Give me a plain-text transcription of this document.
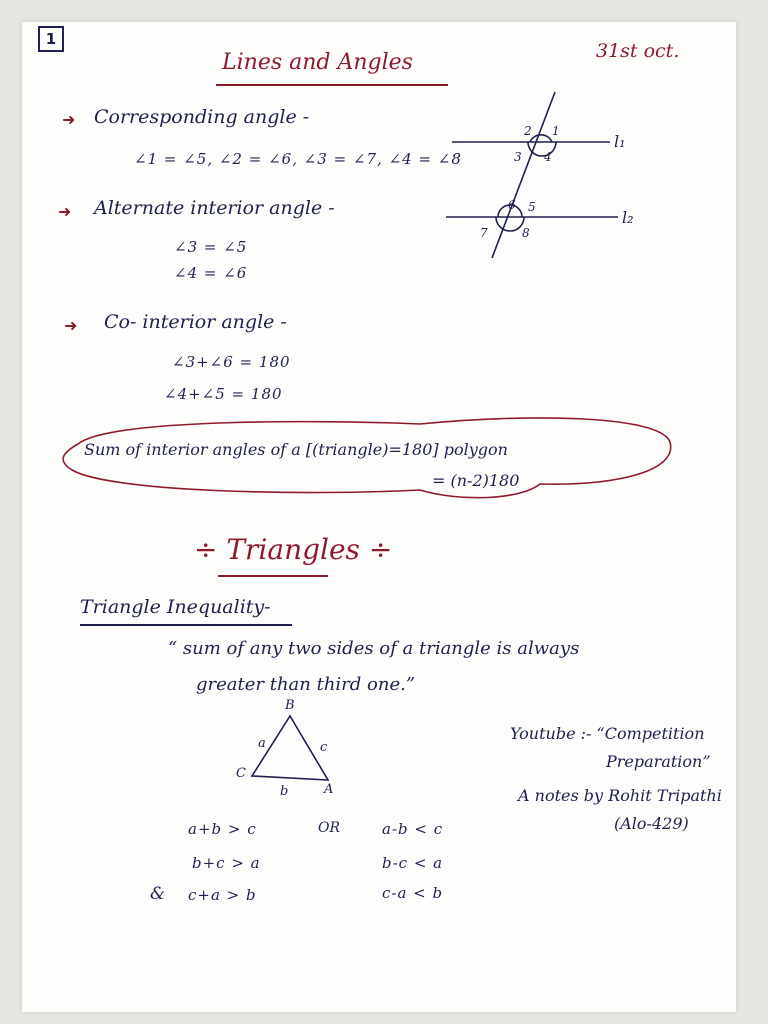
1
31st oct.
Lines and Angles
➜ Corresponding angle -
∠1 = ∠5, ∠2 = ∠6, ∠3 = ∠7, ∠4 = ∠8
➜ Alternate interior angle -
∠3 = ∠5
∠4 = ∠6
➜ Co- interior angle -
∠3+∠6 = 180
∠4+∠5 = 180
2 1
3 4
6 5
7	8
l₁
l₂
Sum of interior angles of a [(triangle)=180] polygon
= (n-2)180
÷ Triangles ÷
Triangle Inequality-
“ sum of any two sides of a triangle is always
greater than third one.”
B
C
A
a	c
b
a+b > c
b+c > a
c+a > b
&
OR	a-b < c
b-c < a
c-a < b
Youtube :- “Competition
Preparation”
A notes by Rohit Tripathi
(Alo-429)
